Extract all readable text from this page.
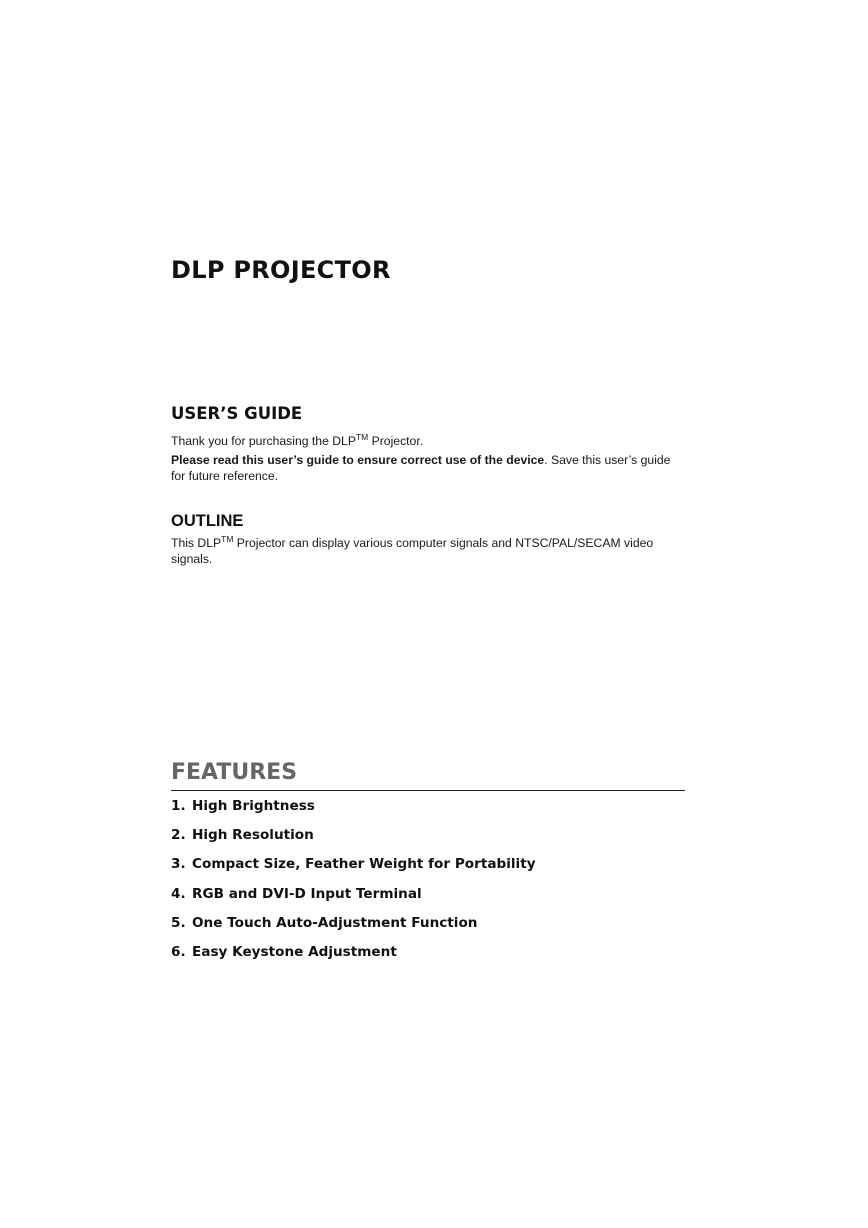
DLP PROJECTOR
USER’S GUIDE

Thank you for purchasing the DLP™ Projector.

Please read this user’s guide to ensure correct use of the device. Save this user’s guide for future reference.

OUTLINE

This DLP™ Projector can display various computer signals and NTSC/PAL/SECAM video signals.

FEATURES
1. High Brightness
2. High Resolution
3. Compact Size, Feather Weight for Portability
4. RGB and DVI-D Input Terminal
5. One Touch Auto-Adjustment Function
6. Easy Keystone Adjustment
